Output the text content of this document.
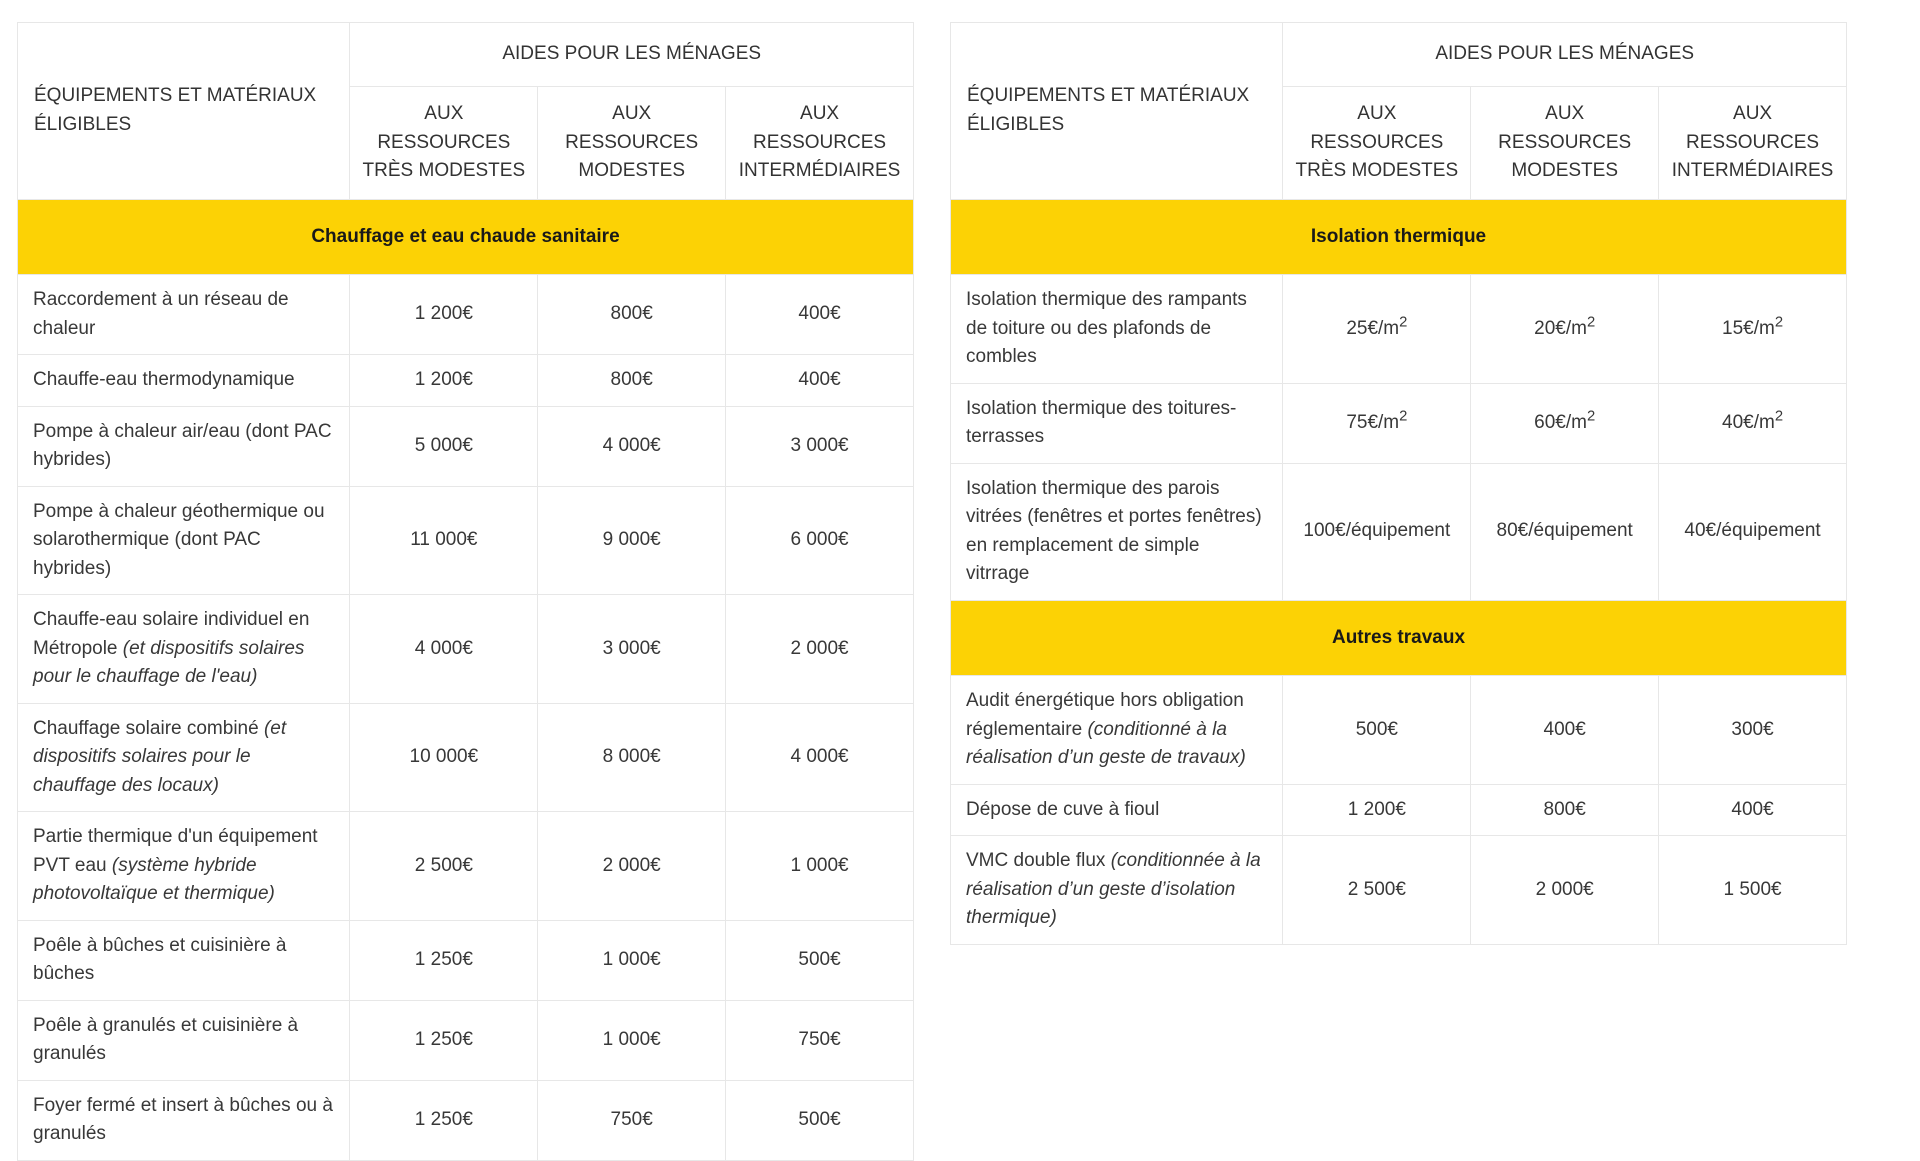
ÉQUIPEMENTS ET MATÉRIAUX ÉLIGIBLES	AIDES POUR LES MÉNAGES		
	AUX RESSOURCES TRÈS MODESTES	AUX RESSOURCES MODESTES	AUX RESSOURCES INTERMÉDIAIRES
Chauffage et eau chaude sanitaire			
Raccordement à un réseau de chaleur	1 200€	800€	400€
Chauffe-eau thermodynamique	1 200€	800€	400€
Pompe à chaleur air/eau (dont PAC hybrides)	5 000€	4 000€	3 000€
Pompe à chaleur géothermique ou solarothermique (dont PAC hybrides)	11 000€	9 000€	6 000€
Chauffe-eau solaire individuel en Métropole (et dispositifs solaires pour le chauffage de l'eau)	4 000€	3 000€	2 000€
Chauffage solaire combiné (et dispositifs solaires pour le chauffage des locaux)	10 000€	8 000€	4 000€
Partie thermique d'un équipement PVT eau (système hybride photovoltaïque et thermique)	2 500€	2 000€	1 000€
Poêle à bûches et cuisinière à bûches	1 250€	1 000€	500€
Poêle à granulés et cuisinière à granulés	1 250€	1 000€	750€
Foyer fermé et insert à bûches ou à granulés	1 250€	750€	500€
ÉQUIPEMENTS ET MATÉRIAUX ÉLIGIBLES	AIDES POUR LES MÉNAGES		
	AUX RESSOURCES TRÈS MODESTES	AUX RESSOURCES MODESTES	AUX RESSOURCES INTERMÉDIAIRES
Isolation thermique			
Isolation thermique des rampants de toiture ou des plafonds de combles	$25€/m^2$	$20€/m^2$	$15€/m^2$
Isolation thermique des toitures-terrasses	$75€/m^2$	$60€/m^2$	$40€/m^2$
Isolation thermique des parois vitrées (fenêtres et portes fenêtres) en remplacement de simple vitrrage	100€/équipement	80€/équipement	40€/équipement
Autres travaux			
Audit énergétique hors obligation réglementaire (conditionné à la réalisation d’un geste de travaux)	500€	400€	300€
Dépose de cuve à fioul	1 200€	800€	400€
VMC double flux (conditionnée à la réalisation d’un geste d’isolation thermique)	2 500€	2 000€	1 500€
